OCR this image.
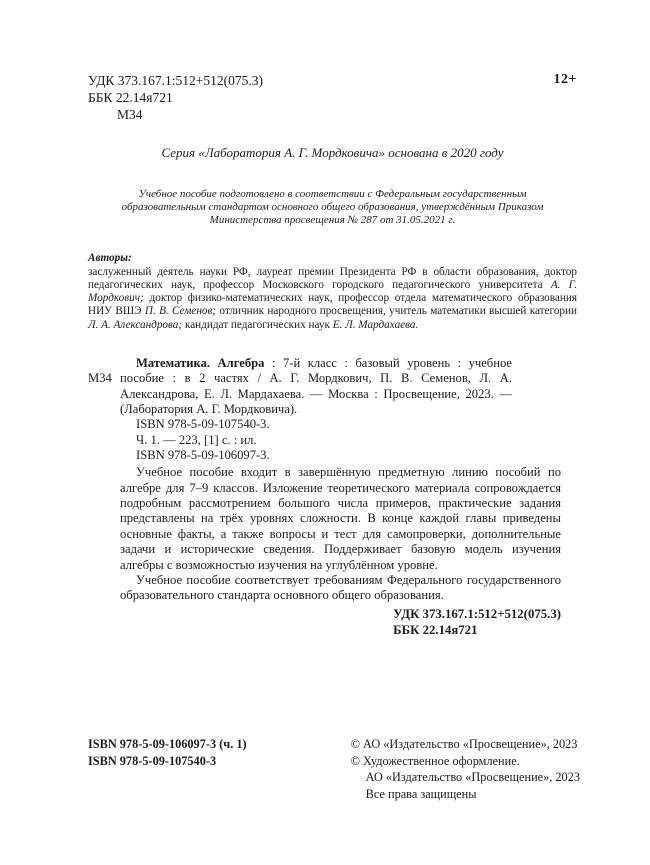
УДК 373.167.1:512+512(075.3)
ББК 22.14я721
М34
12+
Серия «Лаборатория А. Г. Мордковича» основана в 2020 году
Учебное пособие подготовлено в соответствии с Федеральным государственным образовательным стандартом основного общего образования, утверждённым Приказом Министерства просвещения № 287 от 31.05.2021 г.
Авторы:

заслуженный деятель науки РФ, лауреат премии Президента РФ в области образования, доктор педагогических наук, профессор Московского городского педагогического университета А. Г. Мордкович; доктор физико-математических наук, профессор отдела математического образования НИУ ВШЭ П. В. Семенов; отличник народного просвещения, учитель математики высшей категории Л. А. Александрова; кандидат педагогических наук Е. Л. Мардахаева.

М34

Математика. Алгебра : 7-й класс : базовый уровень : учебное пособие : в 2 частях / А. Г. Мордкович, П. В. Семенов, Л. А. Александрова, Е. Л. Мардахаева. — Москва : Просвещение, 2023. — (Лаборатория А. Г. Мордковича).

ISBN 978-5-09-107540-3.
Ч. 1. — 223, [1] с. : ил.
ISBN 978-5-09-106097-3.

Учебное пособие входит в завершённую предметную линию пособий по алгебре для 7–9 классов. Изложение теоретического материала сопровождается подробным рассмотрением большого числа примеров, практические задания представлены на трёх уровнях сложности. В конце каждой главы приведены основные факты, а также вопросы и тест для самопроверки, дополнительные задачи и исторические сведения. Поддерживает базовую модель изучения алгебры с возможностью изучения на углублённом уровне.

Учебное пособие соответствует требованиям Федерального государственного образовательного стандарта основного общего образования.

УДК 373.167.1:512+512(075.3)
ББК 22.14я721
ISBN 978-5-09-106097-3 (ч. 1)
ISBN 978-5-09-107540-3
© АО «Издательство «Просвещение», 2023
© Художественное оформление.
АО «Издательство «Просвещение», 2023
Все права защищены
